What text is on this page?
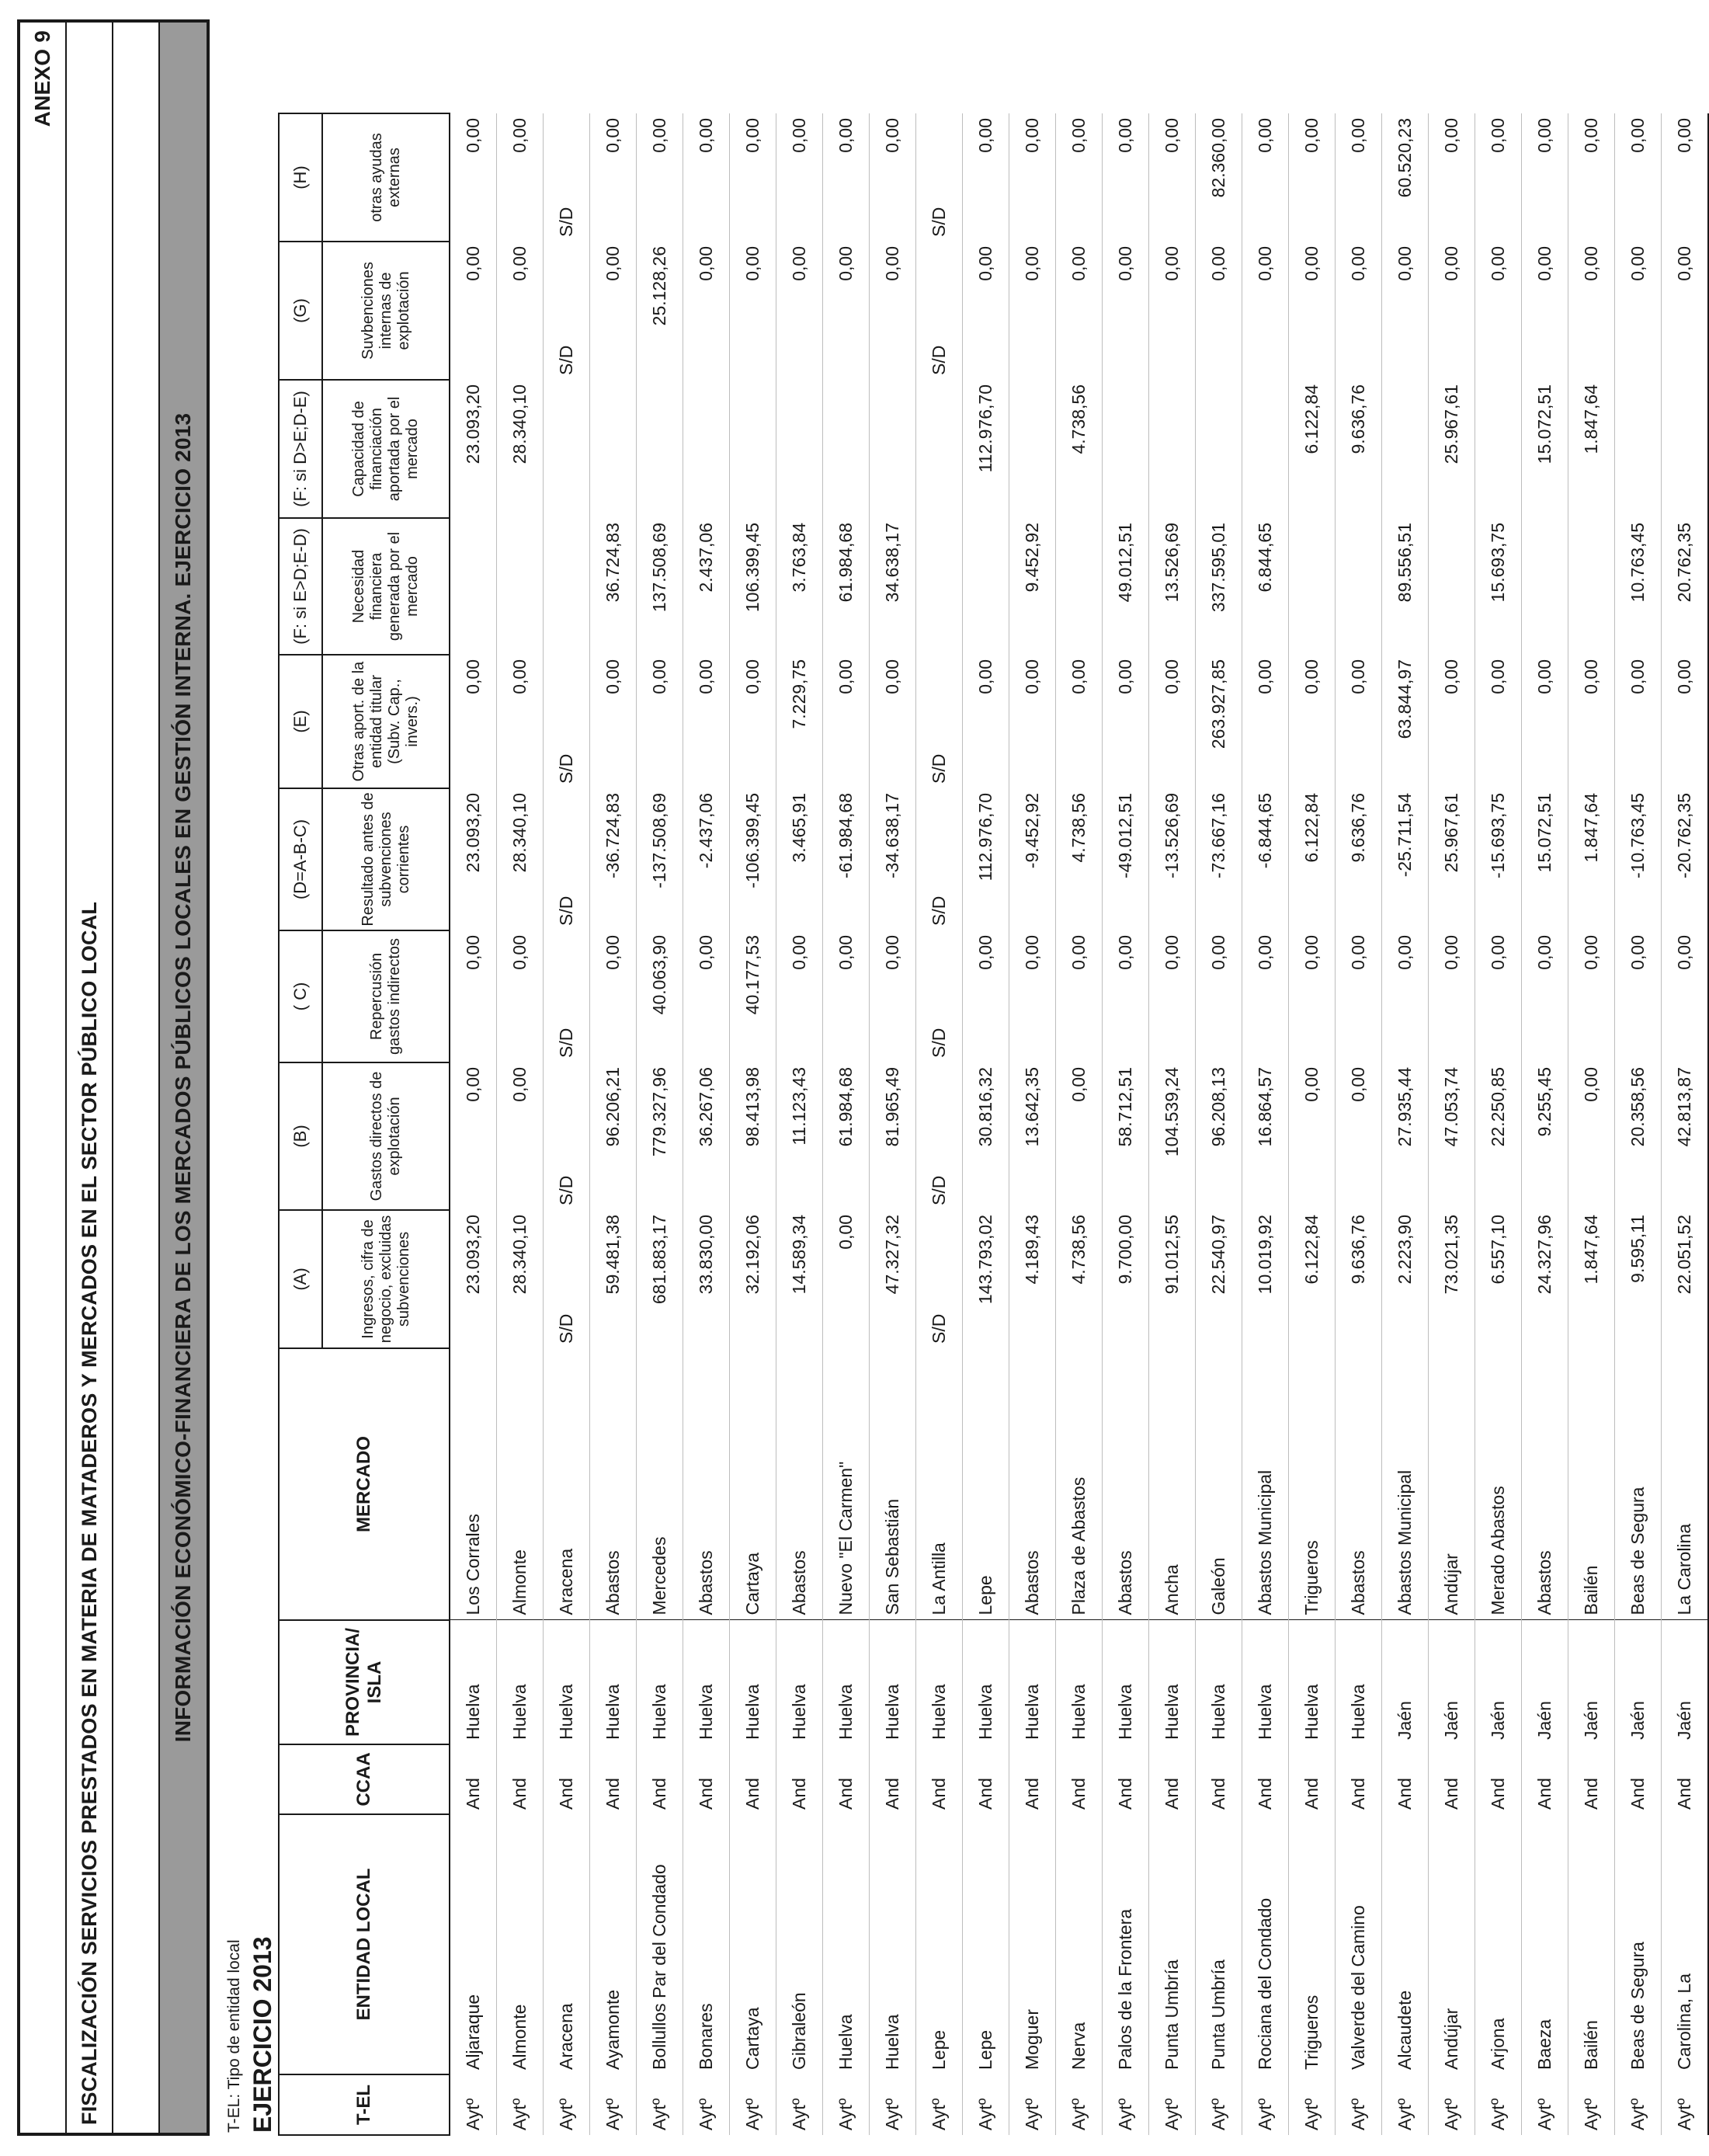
ANEXO 9
FISCALIZACIÓN SERVICIOS PRESTADOS EN MATERIA DE MATADEROS Y MERCADOS EN EL SECTOR PÚBLICO LOCAL	INFORMACIÓN ECONÓMICO-FINANCIERA DE LOS MERCADOS PÚBLICOS LOCALES EN GESTIÓN INTERNA. EJERCICIO 2013
T-EL: Tipo de entidad local EJERCICIO 2013	T-EL	ENTIDAD LOCAL	CCAA	PROVINCIA/ ISLA	MERCADO	(A)	(B)	( C)	(D=A-B-C)	(E)	(F: si E>D;E-D)	(F: si D>E;D-E)	(G)	(H)
					Ingresos, cifra de negocio, excluidas subvenciones	Gastos directos de explotación	Repercusión gastos indirectos	Resultado antes de subvenciones corrientes	Otras aport. de la entidad titular (Subv. Cap., invers.)	Necesidad financiera generada por el mercado	Capacidad de financiación aportada por el mercado	Suvbenciones internas de explotación	otras ayudas externas
Aytº	Aljaraque	And	Huelva	Los Corrales	23.093,20	0,00	0,00	23.093,20	0,00		23.093,20	0,00	0,00
Aytº	Almonte	And	Huelva	Almonte	28.340,10	0,00	0,00	28.340,10	0,00		28.340,10	0,00	0,00
Aytº	Aracena	And	Huelva	Aracena	S/D	S/D	S/D	S/D	S/D			S/D	S/D
Aytº	Ayamonte	And	Huelva	Abastos	59.481,38	96.206,21	0,00	-36.724,83	0,00	36.724,83		0,00	0,00
Aytº	Bollullos Par del Condado	And	Huelva	Mercedes	681.883,17	779.327,96	40.063,90	-137.508,69	0,00	137.508,69		25.128,26	0,00
Aytº	Bonares	And	Huelva	Abastos	33.830,00	36.267,06	0,00	-2.437,06	0,00	2.437,06		0,00	0,00
Aytº	Cartaya	And	Huelva	Cartaya	32.192,06	98.413,98	40.177,53	-106.399,45	0,00	106.399,45		0,00	0,00
Aytº	Gibraleón	And	Huelva	Abastos	14.589,34	11.123,43	0,00	3.465,91	7.229,75	3.763,84		0,00	0,00
Aytº	Huelva	And	Huelva	Nuevo "El Carmen"	0,00	61.984,68	0,00	-61.984,68	0,00	61.984,68		0,00	0,00
Aytº	Huelva	And	Huelva	San Sebastián	47.327,32	81.965,49	0,00	-34.638,17	0,00	34.638,17		0,00	0,00
Aytº	Lepe	And	Huelva	La Antilla	S/D	S/D	S/D	S/D	S/D			S/D	S/D
Aytº	Lepe	And	Huelva	Lepe	143.793,02	30.816,32	0,00	112.976,70	0,00		112.976,70	0,00	0,00
Aytº	Moguer	And	Huelva	Abastos	4.189,43	13.642,35	0,00	-9.452,92	0,00	9.452,92		0,00	0,00
Aytº	Nerva	And	Huelva	Plaza de Abastos	4.738,56	0,00	0,00	4.738,56	0,00		4.738,56	0,00	0,00
Aytº	Palos de la Frontera	And	Huelva	Abastos	9.700,00	58.712,51	0,00	-49.012,51	0,00	49.012,51		0,00	0,00
Aytº	Punta Umbría	And	Huelva	Ancha	91.012,55	104.539,24	0,00	-13.526,69	0,00	13.526,69		0,00	0,00
Aytº	Punta Umbría	And	Huelva	Galeón	22.540,97	96.208,13	0,00	-73.667,16	263.927,85	337.595,01		0,00	82.360,00
Aytº	Rociana del Condado	And	Huelva	Abastos Municipal	10.019,92	16.864,57	0,00	-6.844,65	0,00	6.844,65		0,00	0,00
Aytº	Trigueros	And	Huelva	Trigueros	6.122,84	0,00	0,00	6.122,84	0,00		6.122,84	0,00	0,00
Aytº	Valverde del Camino	And	Huelva	Abastos	9.636,76	0,00	0,00	9.636,76	0,00		9.636,76	0,00	0,00
Aytº	Alcaudete	And	Jaén	Abastos Municipal	2.223,90	27.935,44	0,00	-25.711,54	63.844,97	89.556,51		0,00	60.520,23
Aytº	Andújar	And	Jaén	Andújar	73.021,35	47.053,74	0,00	25.967,61	0,00		25.967,61	0,00	0,00
Aytº	Arjona	And	Jaén	Merado Abastos	6.557,10	22.250,85	0,00	-15.693,75	0,00	15.693,75		0,00	0,00
Aytº	Baeza	And	Jaén	Abastos	24.327,96	9.255,45	0,00	15.072,51	0,00		15.072,51	0,00	0,00
Aytº	Bailén	And	Jaén	Bailén	1.847,64	0,00	0,00	1.847,64	0,00		1.847,64	0,00	0,00
Aytº	Beas de Segura	And	Jaén	Beas de Segura	9.595,11	20.358,56	0,00	-10.763,45	0,00	10.763,45		0,00	0,00
Aytº	Carolina, La	And	Jaén	La Carolina	22.051,52	42.813,87	0,00	-20.762,35	0,00	20.762,35		0,00	0,00
